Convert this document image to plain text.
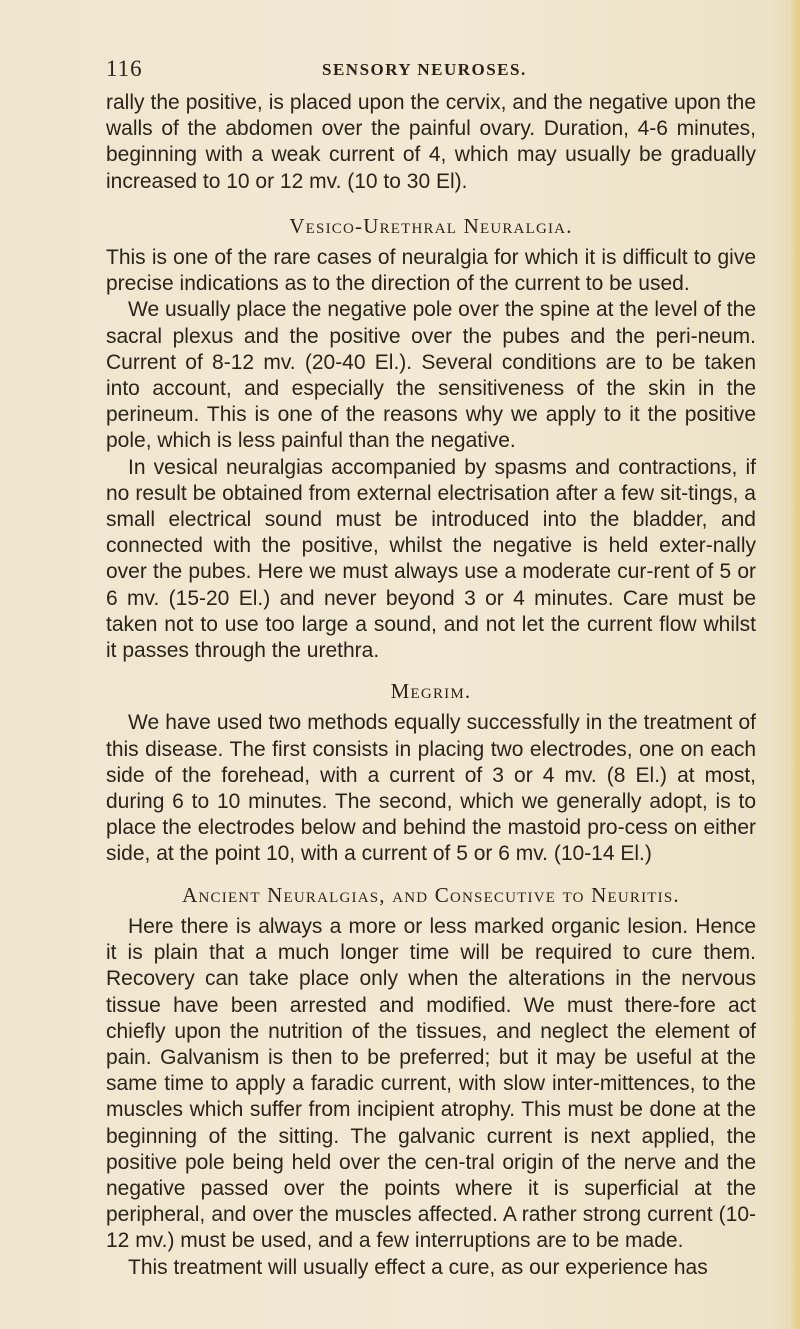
116	SENSORY NEUROSES.

rally the positive, is placed upon the cervix, and the negative upon the walls of the abdomen over the painful ovary. Duration, 4-6 minutes, beginning with a weak current of 4, which may usually be gradually increased to 10 or 12 mv. (10 to 30 El).

Vesico-Urethral Neuralgia.

This is one of the rare cases of neuralgia for which it is difficult to give precise indications as to the direction of the current to be used.

We usually place the negative pole over the spine at the level of the sacral plexus and the positive over the pubes and the peri-neum. Current of 8-12 mv. (20-40 El.). Several conditions are to be taken into account, and especially the sensitiveness of the skin in the perineum. This is one of the reasons why we apply to it the positive pole, which is less painful than the negative.

In vesical neuralgias accompanied by spasms and contractions, if no result be obtained from external electrisation after a few sit-tings, a small electrical sound must be introduced into the bladder, and connected with the positive, whilst the negative is held exter-nally over the pubes. Here we must always use a moderate cur-rent of 5 or 6 mv. (15-20 El.) and never beyond 3 or 4 minutes. Care must be taken not to use too large a sound, and not let the current flow whilst it passes through the urethra.

Megrim.

We have used two methods equally successfully in the treatment of this disease. The first consists in placing two electrodes, one on each side of the forehead, with a current of 3 or 4 mv. (8 El.) at most, during 6 to 10 minutes. The second, which we generally adopt, is to place the electrodes below and behind the mastoid pro-cess on either side, at the point 10, with a current of 5 or 6 mv. (10-14 El.)

Ancient Neuralgias, and Consecutive to Neuritis.

Here there is always a more or less marked organic lesion. Hence it is plain that a much longer time will be required to cure them. Recovery can take place only when the alterations in the nervous tissue have been arrested and modified. We must there-fore act chiefly upon the nutrition of the tissues, and neglect the element of pain. Galvanism is then to be preferred; but it may be useful at the same time to apply a faradic current, with slow inter-mittences, to the muscles which suffer from incipient atrophy. This must be done at the beginning of the sitting. The galvanic current is next applied, the positive pole being held over the cen-tral origin of the nerve and the negative passed over the points where it is superficial at the peripheral, and over the muscles affected. A rather strong current (10-12 mv.) must be used, and a few interruptions are to be made.

This treatment will usually effect a cure, as our experience has
